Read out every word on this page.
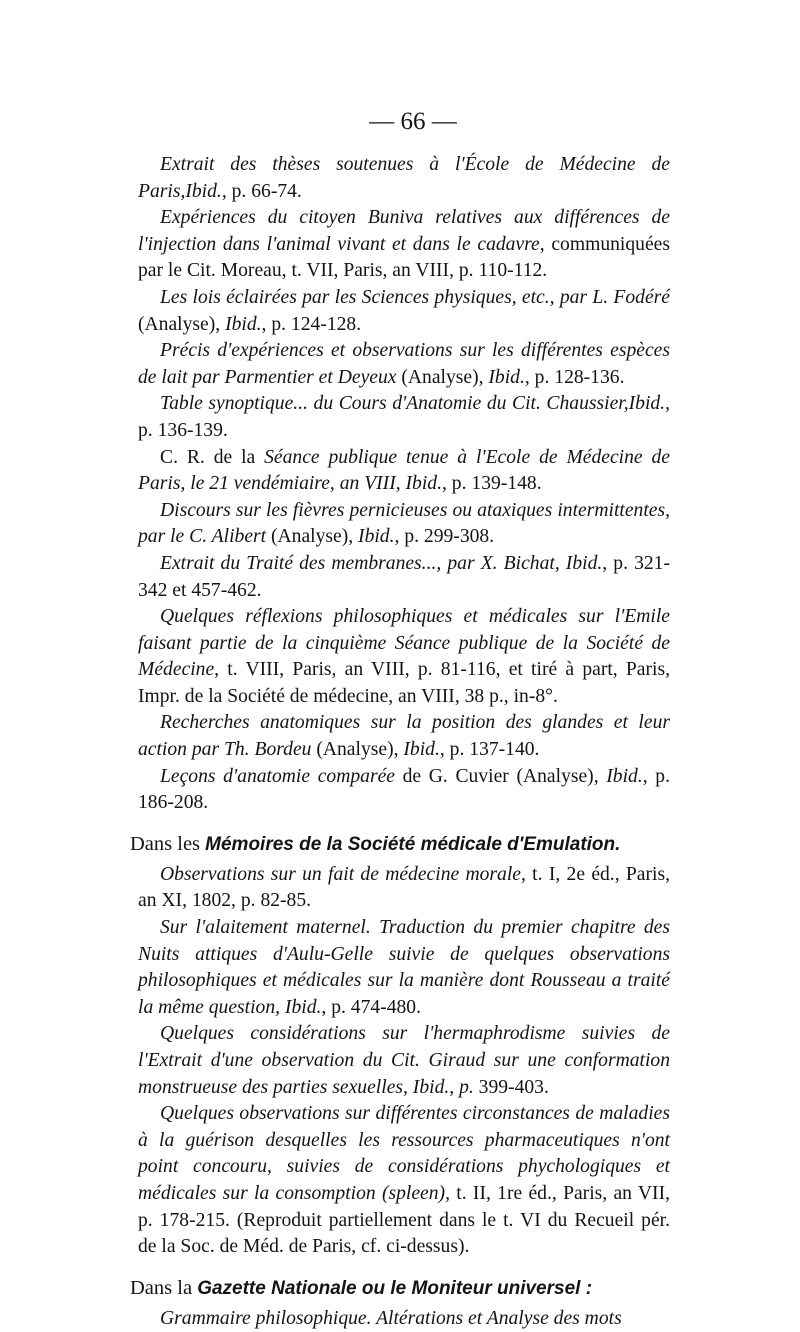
— 66 —

Extrait des thèses soutenues à l'École de Médecine de Paris,Ibid., p. 66-74.

Expériences du citoyen Buniva relatives aux différences de l'injection dans l'animal vivant et dans le cadavre, communiquées par le Cit. Moreau, t. VII, Paris, an VIII, p. 110-112.

Les lois éclairées par les Sciences physiques, etc., par L. Fodéré (Analyse), Ibid., p. 124-128.

Précis d'expériences et observations sur les différentes espèces de lait par Parmentier et Deyeux (Analyse), Ibid., p. 128-136.

Table synoptique... du Cours d'Anatomie du Cit. Chaussier,Ibid., p. 136-139.

C. R. de la Séance publique tenue à l'Ecole de Médecine de Paris, le 21 vendémiaire, an VIII, Ibid., p. 139-148.

Discours sur les fièvres pernicieuses ou ataxiques intermittentes, par le C. Alibert (Analyse), Ibid., p. 299-308.

Extrait du Traité des membranes..., par X. Bichat, Ibid., p. 321-342 et 457-462.

Quelques réflexions philosophiques et médicales sur l'Emile faisant partie de la cinquième Séance publique de la Société de Médecine, t. VIII, Paris, an VIII, p. 81-116, et tiré à part, Paris, Impr. de la Société de médecine, an VIII, 38 p., in-8°.

Recherches anatomiques sur la position des glandes et leur action par Th. Bordeu (Analyse), Ibid., p. 137-140.

Leçons d'anatomie comparée de G. Cuvier (Analyse), Ibid., p. 186-208.

Dans les Mémoires de la Société médicale d'Emulation.

Observations sur un fait de médecine morale, t. I, 2e éd., Paris, an XI, 1802, p. 82-85.

Sur l'alaitement maternel. Traduction du premier chapitre des Nuits attiques d'Aulu-Gelle suivie de quelques observations philosophiques et médicales sur la manière dont Rousseau a traité la même question, Ibid., p. 474-480.

Quelques considérations sur l'hermaphrodisme suivies de l'Extrait d'une observation du Cit. Giraud sur une conformation monstrueuse des parties sexuelles, Ibid., p. 399-403.

Quelques observations sur différentes circonstances de maladies à la guérison desquelles les ressources pharmaceutiques n'ont point concouru, suivies de considérations phychologiques et médicales sur la consomption (spleen), t. II, 1re éd., Paris, an VII, p. 178-215. (Reproduit partiellement dans le t. VI du Recueil pér. de la Soc. de Méd. de Paris, cf. ci-dessus).

Dans la Gazette Nationale ou le Moniteur universel :

Grammaire philosophique. Altérations et Analyse des mots
